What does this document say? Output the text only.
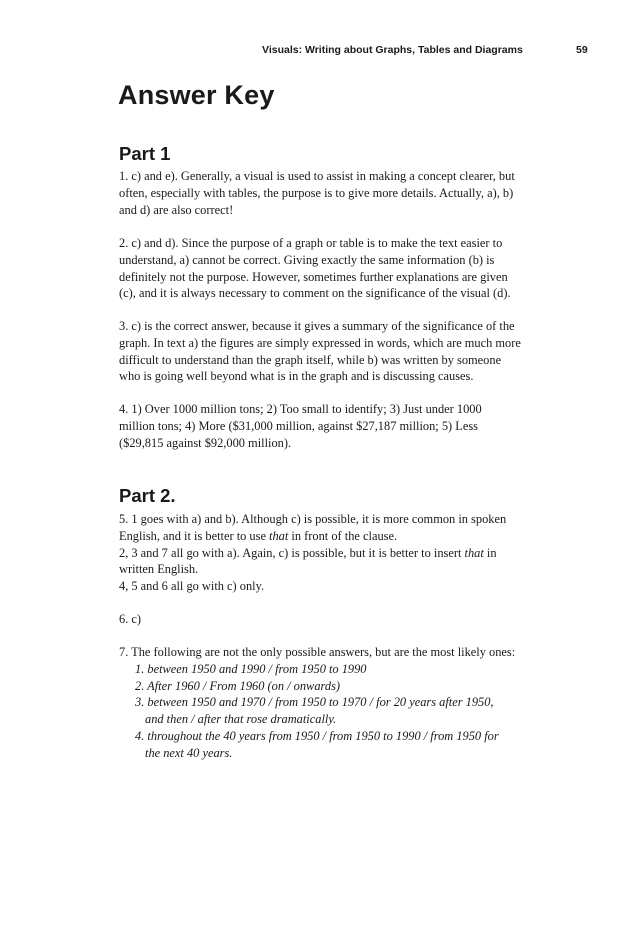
Visuals: Writing about Graphs, Tables and Diagrams	59
Answer Key
Part 1
1. c) and e). Generally, a visual is used to assist in making a concept clearer, but
often, especially with tables, the purpose is to give more details. Actually, a), b)
and d) are also correct!
2. c) and d). Since the purpose of a graph or table is to make the text easier to
understand, a) cannot be correct. Giving exactly the same information (b) is
definitely not the purpose. However, sometimes further explanations are given
(c), and it is always necessary to comment on the significance of the visual (d).
3. c) is the correct answer, because it gives a summary of the significance of the
graph. In text a) the figures are simply expressed in words, which are much more
difficult to understand than the graph itself, while b) was written by someone
who is going well beyond what is in the graph and is discussing causes.
4. 1) Over 1000 million tons; 2) Too small to identify; 3) Just under 1000
million tons; 4) More ($31,000 million, against $27,187 million; 5) Less
($29,815 against $92,000 million).
Part 2.
5. 1 goes with a) and b). Although c) is possible, it is more common in spoken
English, and it is better to use that in front of the clause.
2, 3 and 7 all go with a). Again, c) is possible, but it is better to insert that in
written English.
4, 5 and 6 all go with c) only.
6. c)
7. The following are not the only possible answers, but are the most likely ones:
1. between 1950 and 1990 / from 1950 to 1990
2. After 1960 / From 1960 (on / onwards)
3. between 1950 and 1970 / from 1950 to 1970 / for 20 years after 1950,
and then / after that rose dramatically.
4. throughout the 40 years from 1950 / from 1950 to 1990 / from 1950 for
the next 40 years.
